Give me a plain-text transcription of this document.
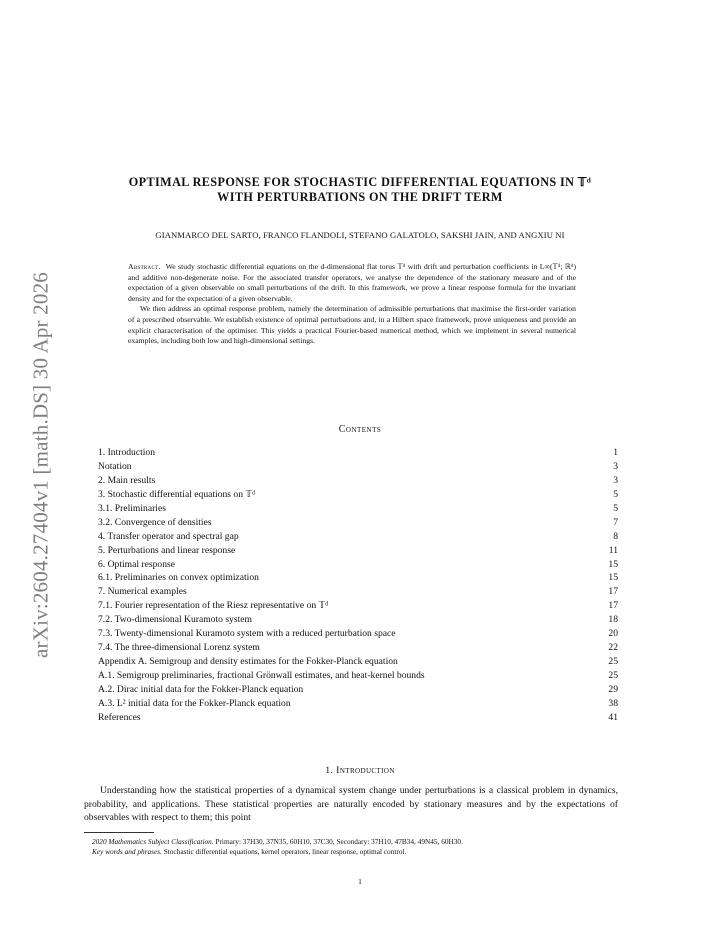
arXiv:2604.27404v1 [math.DS] 30 Apr 2026
OPTIMAL RESPONSE FOR STOCHASTIC DIFFERENTIAL EQUATIONS IN 𝕋ᵈ
WITH PERTURBATIONS ON THE DRIFT TERM
GIANMARCO DEL SARTO, FRANCO FLANDOLI, STEFANO GALATOLO, SAKSHI JAIN, AND ANGXIU NI

Abstract. We study stochastic differential equations on the d-dimensional flat torus 𝕋ᵈ with drift and perturbation coefficients in L∞(𝕋ᵈ; ℝᵈ) and additive non-degenerate noise. For the associated transfer operators, we analyse the dependence of the stationary measure and of the expectation of a given observable on small perturbations of the drift. In this framework, we prove a linear response formula for the invariant density and for the expectation of a given observable.

We then address an optimal response problem, namely the determination of admissible perturbations that maximise the first-order variation of a prescribed observable. We establish existence of optimal perturbations and, in a Hilbert space framework, prove uniqueness and provide an explicit characterisation of the optimiser. This yields a practical Fourier-based numerical method, which we implement in several numerical examples, including both low and high-dimensional settings.

Contents
1. Introduction	1
Notation	3
2. Main results	3
3. Stochastic differential equations on 𝕋ᵈ	5
3.1. Preliminaries	5
3.2. Convergence of densities	7
4. Transfer operator and spectral gap	8
5. Perturbations and linear response	11
6. Optimal response	15
6.1. Preliminaries on convex optimization	15
7. Numerical examples	17
7.1. Fourier representation of the Riesz representative on 𝕋ᵈ	17
7.2. Two-dimensional Kuramoto system	18
7.3. Twenty-dimensional Kuramoto system with a reduced perturbation space	20
7.4. The three-dimensional Lorenz system	22
Appendix A. Semigroup and density estimates for the Fokker-Planck equation	25
A.1. Semigroup preliminaries, fractional Grönwall estimates, and heat-kernel bounds	25
A.2. Dirac initial data for the Fokker-Planck equation	29
A.3. L² initial data for the Fokker-Planck equation	38
References	41
1. Introduction

Understanding how the statistical properties of a dynamical system change under perturbations is a classical problem in dynamics, probability, and applications. These statistical properties are naturally encoded by stationary measures and by the expectations of observables with respect to them; this point

2020 Mathematics Subject Classification. Primary: 37H30, 37N35, 60H10, 37C30, Secondary: 37H10, 47B34, 49N45, 60H30.

Key words and phrases. Stochastic differential equations, kernel operators, linear response, optimal control.

1
